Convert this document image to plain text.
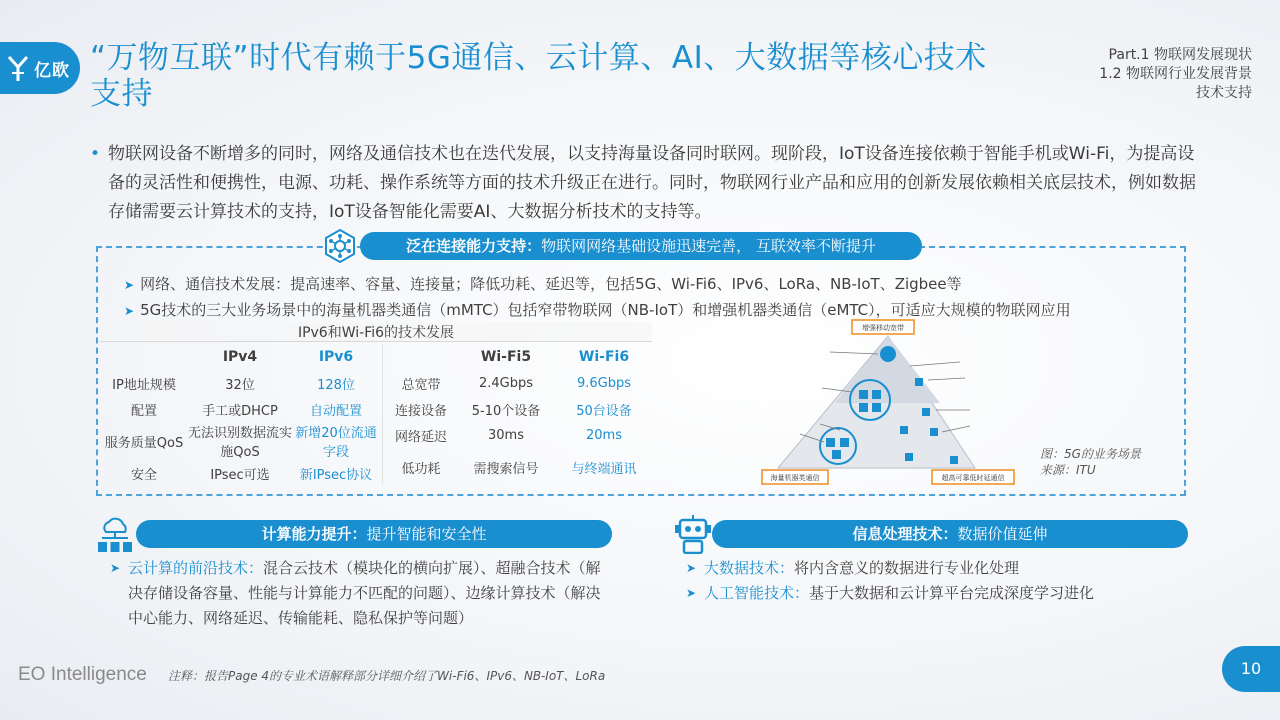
亿欧 “万物互联”时代有赖于5G通信、云计算、AI、大数据等核心技术支持
Part.1 物联网发展现状
1.2 物联网行业发展背景
技术支持
• 物联网设备不断增多的同时，网络及通信技术也在迭代发展，以支持海量设备同时联网。现阶段，IoT设备连接依赖于智能手机或Wi-Fi，为提高设备的灵活性和便携性，电源、功耗、操作系统等方面的技术升级正在进行。同时，物联网行业产品和应用的创新发展依赖相关底层技术，例如数据存储需要云计算技术的支持，IoT设备智能化需要AI、大数据分析技术的支持等。
泛在连接能力支持：物联网网络基础设施迅速完善， 互联效率不断提升
➤ 网络、通信技术发展：提高速率、容量、连接量；降低功耗、延迟等，包括5G、Wi-Fi6、IPv6、LoRa、NB-IoT、Zigbee等
➤ 5G技术的三大业务场景中的海量机器类通信（mMTC）包括窄带物联网（NB-IoT）和增强机器类通信（eMTC），可适应大规模的物联网应用
IPv6和Wi-Fi6的技术发展
	IPv4	IPv6
IP地址规模	32位	128位
配置	手工或DHCP	自动配置
服务质量QoS	无法识别数据流实施QoS	新增20位流通字段
安全	IPsec可选	新IPsec协议
	Wi-Fi5	Wi-Fi6
总宽带	2.4Gbps	9.6Gbps
连接设备	5-10个设备	50台设备
网络延迟	30ms	20ms
低功耗	需搜索信号	与终端通讯
增强移动宽带
海量机器类通信	超高可靠低时延通信
图：5G的业务场景
来源：ITU
计算能力提升：提升智能和安全性	信息处理技术：数据价值延伸
➤ 云计算的前沿技术：混合云技术（模块化的横向扩展）、超融合技术（解决存储设备容量、性能与计算能力不匹配的问题）、边缘计算技术（解决中心能力、网络延迟、传输能耗、隐私保护等问题）
➤ 大数据技术：将内含意义的数据进行专业化处理
➤ 人工智能技术：基于大数据和云计算平台完成深度学习进化
EO Intelligence 注释：报告Page 4的专业术语解释部分详细介绍了Wi-Fi6、IPv6、NB-IoT、LoRa	10
